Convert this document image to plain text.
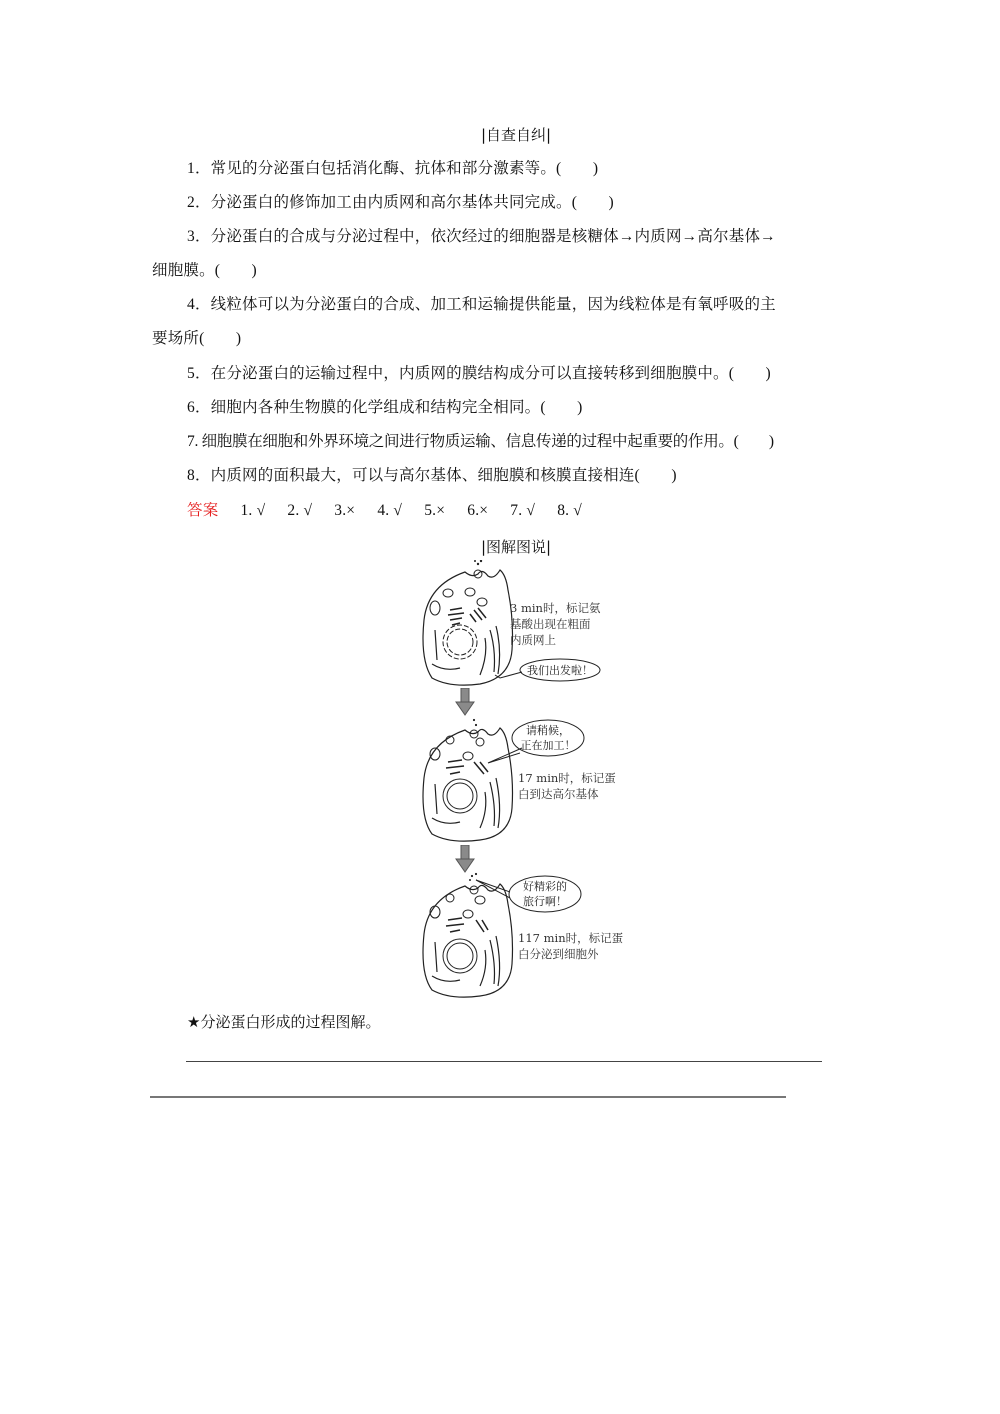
|自查自纠|
1．常见的分泌蛋白包括消化酶、抗体和部分激素等。(　　)
2．分泌蛋白的修饰加工由内质网和高尔基体共同完成。(　　)
3．分泌蛋白的合成与分泌过程中，依次经过的细胞器是核糖体→内质网→高尔基体→
细胞膜。(　　)
4．线粒体可以为分泌蛋白的合成、加工和运输提供能量，因为线粒体是有氧呼吸的主
要场所(　　)
5．在分泌蛋白的运输过程中，内质网的膜结构成分可以直接转移到细胞膜中。(　　)
6．细胞内各种生物膜的化学组成和结构完全相同。(　　)
7. 细胞膜在细胞和外界环境之间进行物质运输、信息传递的过程中起重要的作用。(　　)
8．内质网的面积最大，可以与高尔基体、细胞膜和核膜直接相连(　　)
答案 1. √ 2. √ 3.× 4. √ 5.× 6.× 7. √ 8. √
|图解图说|
我们出发啦！
3 min时，标记氨
基酸出现在粗面
内质网上
请稍候，
正在加工！
17 min时，标记蛋
白到达高尔基体
好精彩的
旅行啊！
117 min时，标记蛋
白分泌到细胞外
★分泌蛋白形成的过程图解。
